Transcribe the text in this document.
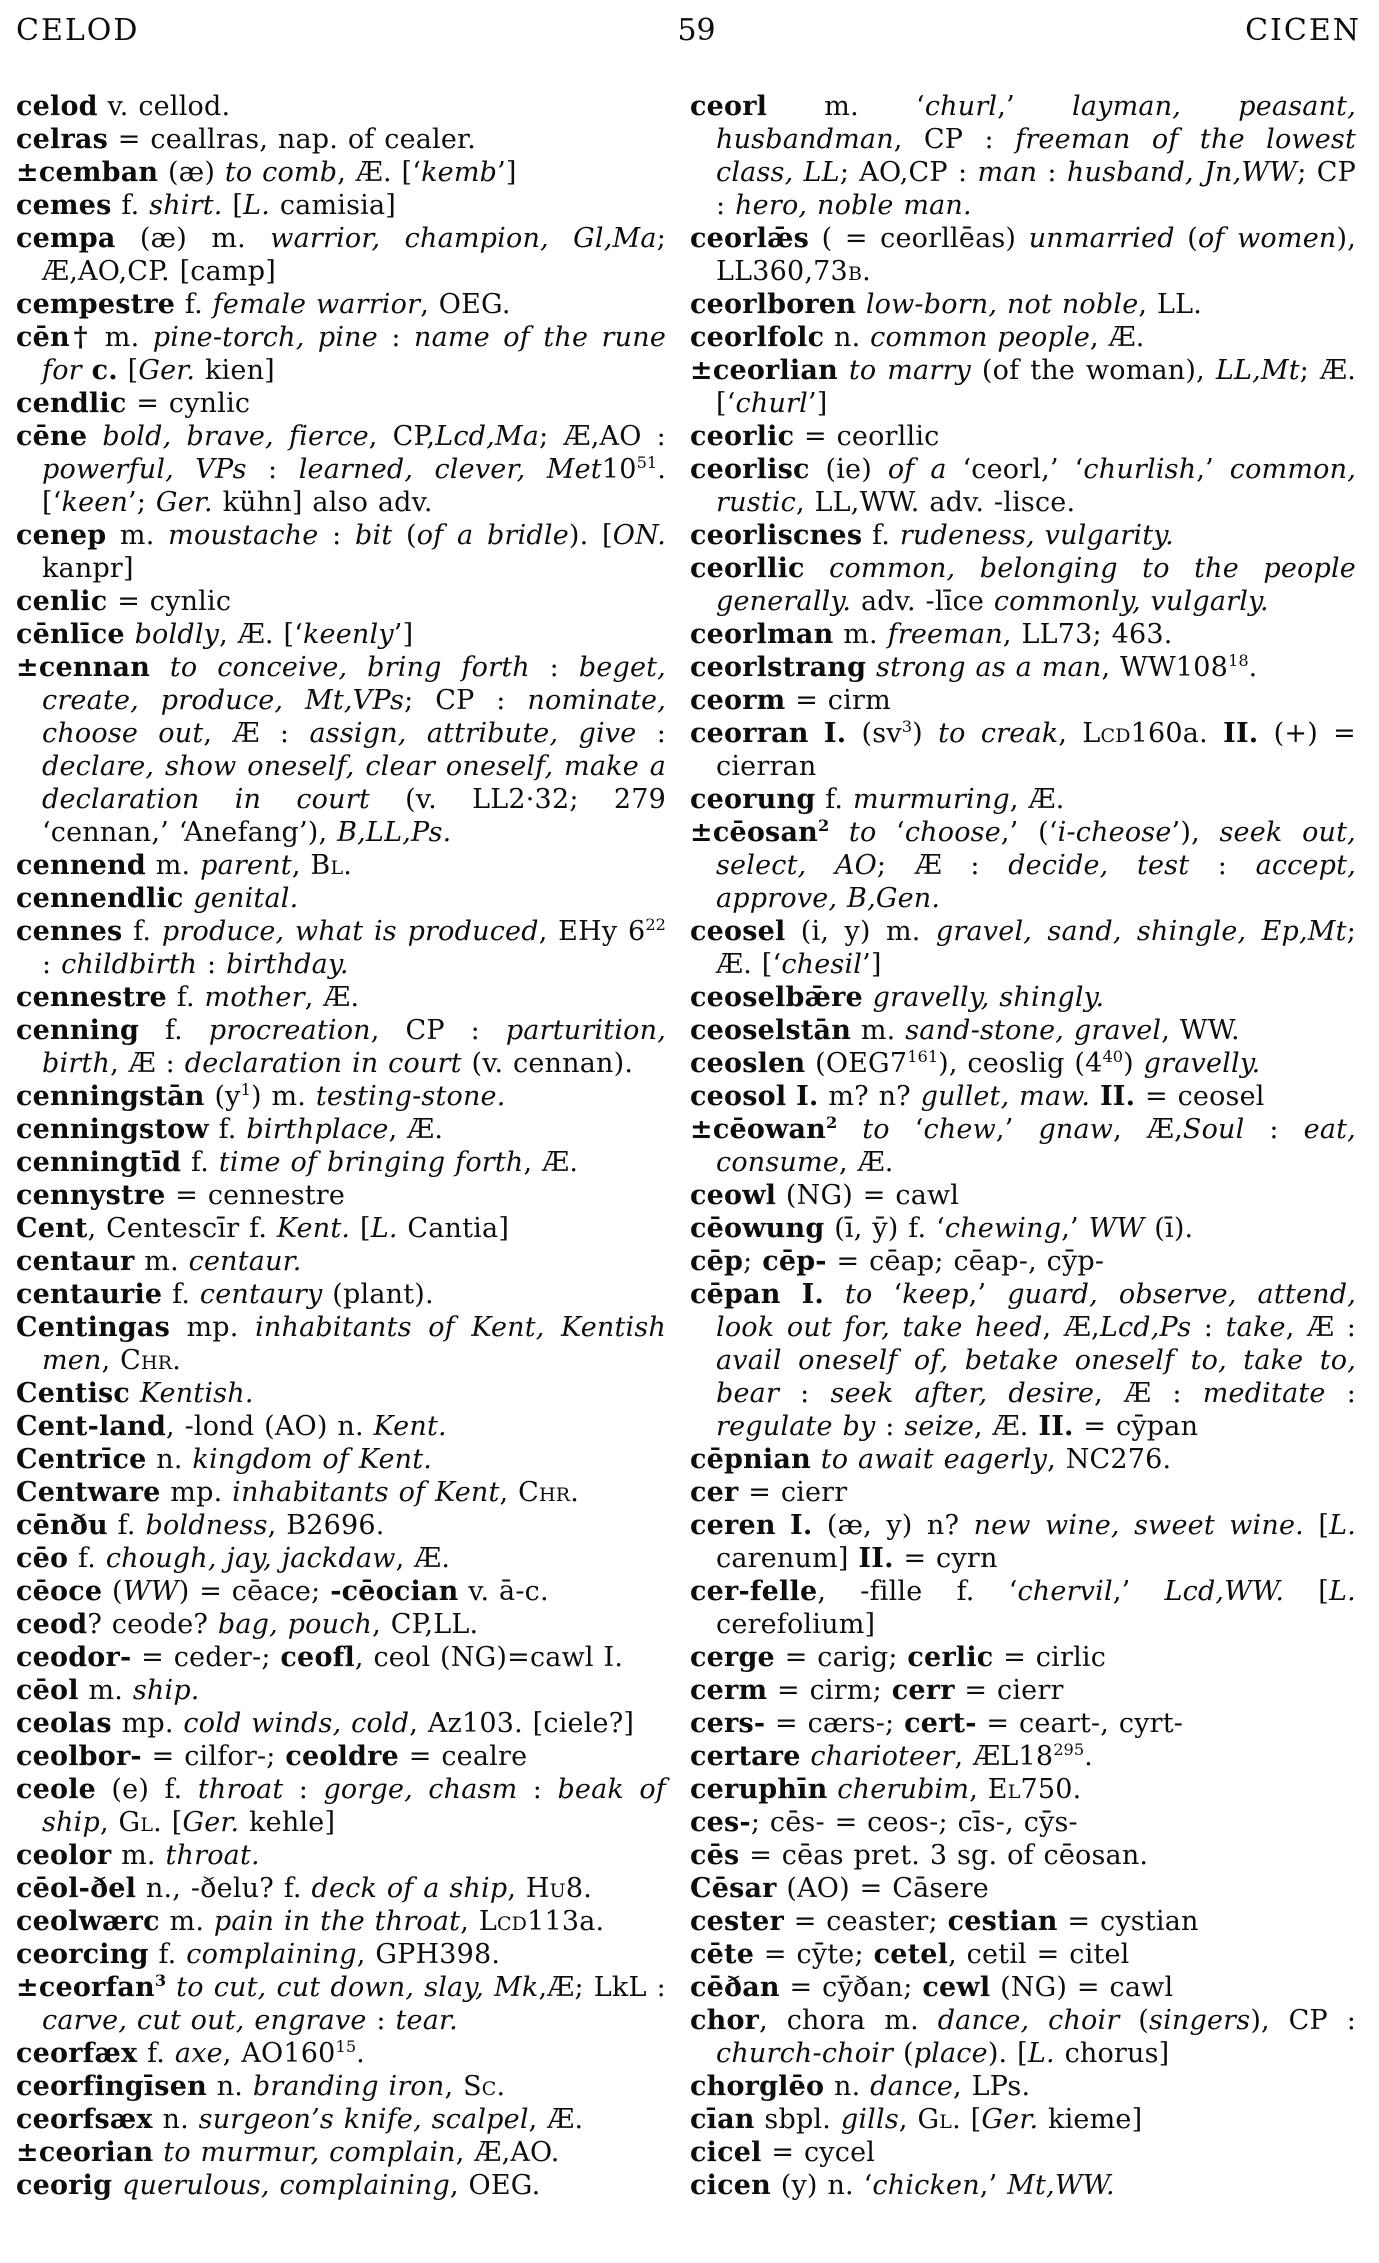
CELOD	59	CICEN
celod v. cellod.
celras = ceallras, nap. of cealer.
±cemban (æ) to comb, Æ. [‘kemb’]
cemes f. shirt. [L. camisia]
cempa (æ) m. warrior, champion, Gl,Ma; Æ,AO,CP. [camp]
cempestre f. female warrior, OEG.
cēn† m. pine-torch, pine : name of the rune for c. [Ger. kien]
cendlic = cynlic
cēne bold, brave, fierce, CP,Lcd,Ma; Æ,AO : powerful, VPs : learned, clever, $Met10^{51}$. [‘keen’; Ger. kühn] also adv.
cenep m. moustache : bit (of a bridle). [ON. kanpr]
cenlic = cynlic
cēnlīce boldly, Æ. [‘keenly’]
±cennan to conceive, bring forth : beget, create, produce, Mt,VPs; CP : nominate, choose out, Æ : assign, attribute, give : declare, show oneself, clear oneself, make a declaration in court (v. LL2·32; 279 ‘cennan,’ ‘Anefang’), B,LL,Ps.
cennend m. parent, Bl.
cennendlic genital.
cennes f. produce, what is produced, EHy $6^{22}$ : childbirth : birthday.
cennestre f. mother, Æ.
cenning f. procreation, CP : parturition, birth, Æ : declaration in court (v. cennan).
cenningstān $(y^1)$ m. testing-stone.
cenningstow f. birthplace, Æ.
cenningtīd f. time of bringing forth, Æ.
cennystre = cennestre
Cent, Centescīr f. Kent. [L. Cantia]
centaur m. centaur.
centaurie f. centaury (plant).
Centingas mp. inhabitants of Kent, Kentish men, Chr.
Centisc Kentish.
Cent-land, -lond (AO) n. Kent.
Centrīce n. kingdom of Kent.
Centware mp. inhabitants of Kent, Chr.
cēnðu f. boldness, B2696.
cēo f. chough, jay, jackdaw, Æ.
cēoce (WW) = cēace; -cēocian v. ā-c.
ceod? ceode? bag, pouch, CP,LL.
ceodor- = ceder-; ceofl, ceol (NG)=cawl I.
cēol m. ship.
ceolas mp. cold winds, cold, Az103. [ciele?]
ceolbor- = cilfor-; ceoldre = cealre
ceole (e) f. throat : gorge, chasm : beak of ship, Gl. [Ger. kehle]
ceolor m. throat.
cēol-ðel n., -ðelu? f. deck of a ship, Hu8.
ceolwærc m. pain in the throat, Lcd113a.
ceorcing f. complaining, GPH398.
±ceorfan$^3$ to cut, cut down, slay, Mk,Æ; LkL : carve, cut out, engrave : tear.
ceorfæx f. axe, $AO160^{15}$.
ceorfingīsen n. branding iron, Sc.
ceorfsæx n. surgeon’s knife, scalpel, Æ.
±ceorian to murmur, complain, Æ,AO.
ceorig querulous, complaining, OEG.
ceorl m. ‘churl,’ layman, peasant, husbandman, CP : freeman of the lowest class, LL; AO,CP : man : husband, Jn,WW; CP : hero, noble man.
ceorlǣs ( = ceorllēas) unmarried (of women), LL360,73b.
ceorlboren low-born, not noble, LL.
ceorlfolc n. common people, Æ.
±ceorlian to marry (of the woman), LL,Mt; Æ. [‘churl’]
ceorlic = ceorllic
ceorlisc (ie) of a ‘ceorl,’ ‘churlish,’ common, rustic, LL,WW. adv. -lisce.
ceorliscnes f. rudeness, vulgarity.
ceorllic common, belonging to the people generally. adv. -līce commonly, vulgarly.
ceorlman m. freeman, LL73; 463.
ceorlstrang strong as a man, $WW108^{18}$.
ceorm = cirm
ceorran I. $(sv^3)$ to creak, Lcd160a. II. (+) = cierran
ceorung f. murmuring, Æ.
±cēosan$^2$ to ‘choose,’ (‘i-cheose’), seek out, select, AO; Æ : decide, test : accept, approve, B,Gen.
ceosel (i, y) m. gravel, sand, shingle, Ep,Mt; Æ. [‘chesil’]
ceoselbǣre gravelly, shingly.
ceoselstān m. sand-stone, gravel, WW.
ceoslen $(OEG7^{161})$, ceoslig $(4^{40})$ gravelly.
ceosol I. m? n? gullet, maw. II. = ceosel
±cēowan$^2$ to ‘chew,’ gnaw, Æ,Soul : eat, consume, Æ.
ceowl (NG) = cawl
cēowung (ī, ȳ) f. ‘chewing,’ WW (ī).
cēp; cēp- = cēap; cēap-, cȳp-
cēpan I. to ‘keep,’ guard, observe, attend, look out for, take heed, Æ,Lcd,Ps : take, Æ : avail oneself of, betake oneself to, take to, bear : seek after, desire, Æ : meditate : regulate by : seize, Æ. II. = cȳpan
cēpnian to await eagerly, NC276.
cer = cierr
ceren I. (æ, y) n? new wine, sweet wine. [L. carenum] II. = cyrn
cer-felle, -fille f. ‘chervil,’ Lcd,WW. [L. cerefolium]
cerge = carig; cerlic = cirlic
cerm = cirm; cerr = cierr
cers- = cærs-; cert- = ceart-, cyrt-
certare charioteer, $ÆL18^{295}$.
ceruphīn cherubim, El750.
ces-; cēs- = ceos-; cīs-, cȳs-
cēs = cēas pret. 3 sg. of cēosan.
Cēsar (AO) = Cāsere
cester = ceaster; cestian = cystian
cēte = cȳte; cetel, cetil = citel
cēðan = cȳðan; cewl (NG) = cawl
chor, chora m. dance, choir (singers), CP : church-choir (place). [L. chorus]
chorglēo n. dance, LPs.
cīan sbpl. gills, Gl. [Ger. kieme]
cicel = cycel
cicen (y) n. ‘chicken,’ Mt,WW.
